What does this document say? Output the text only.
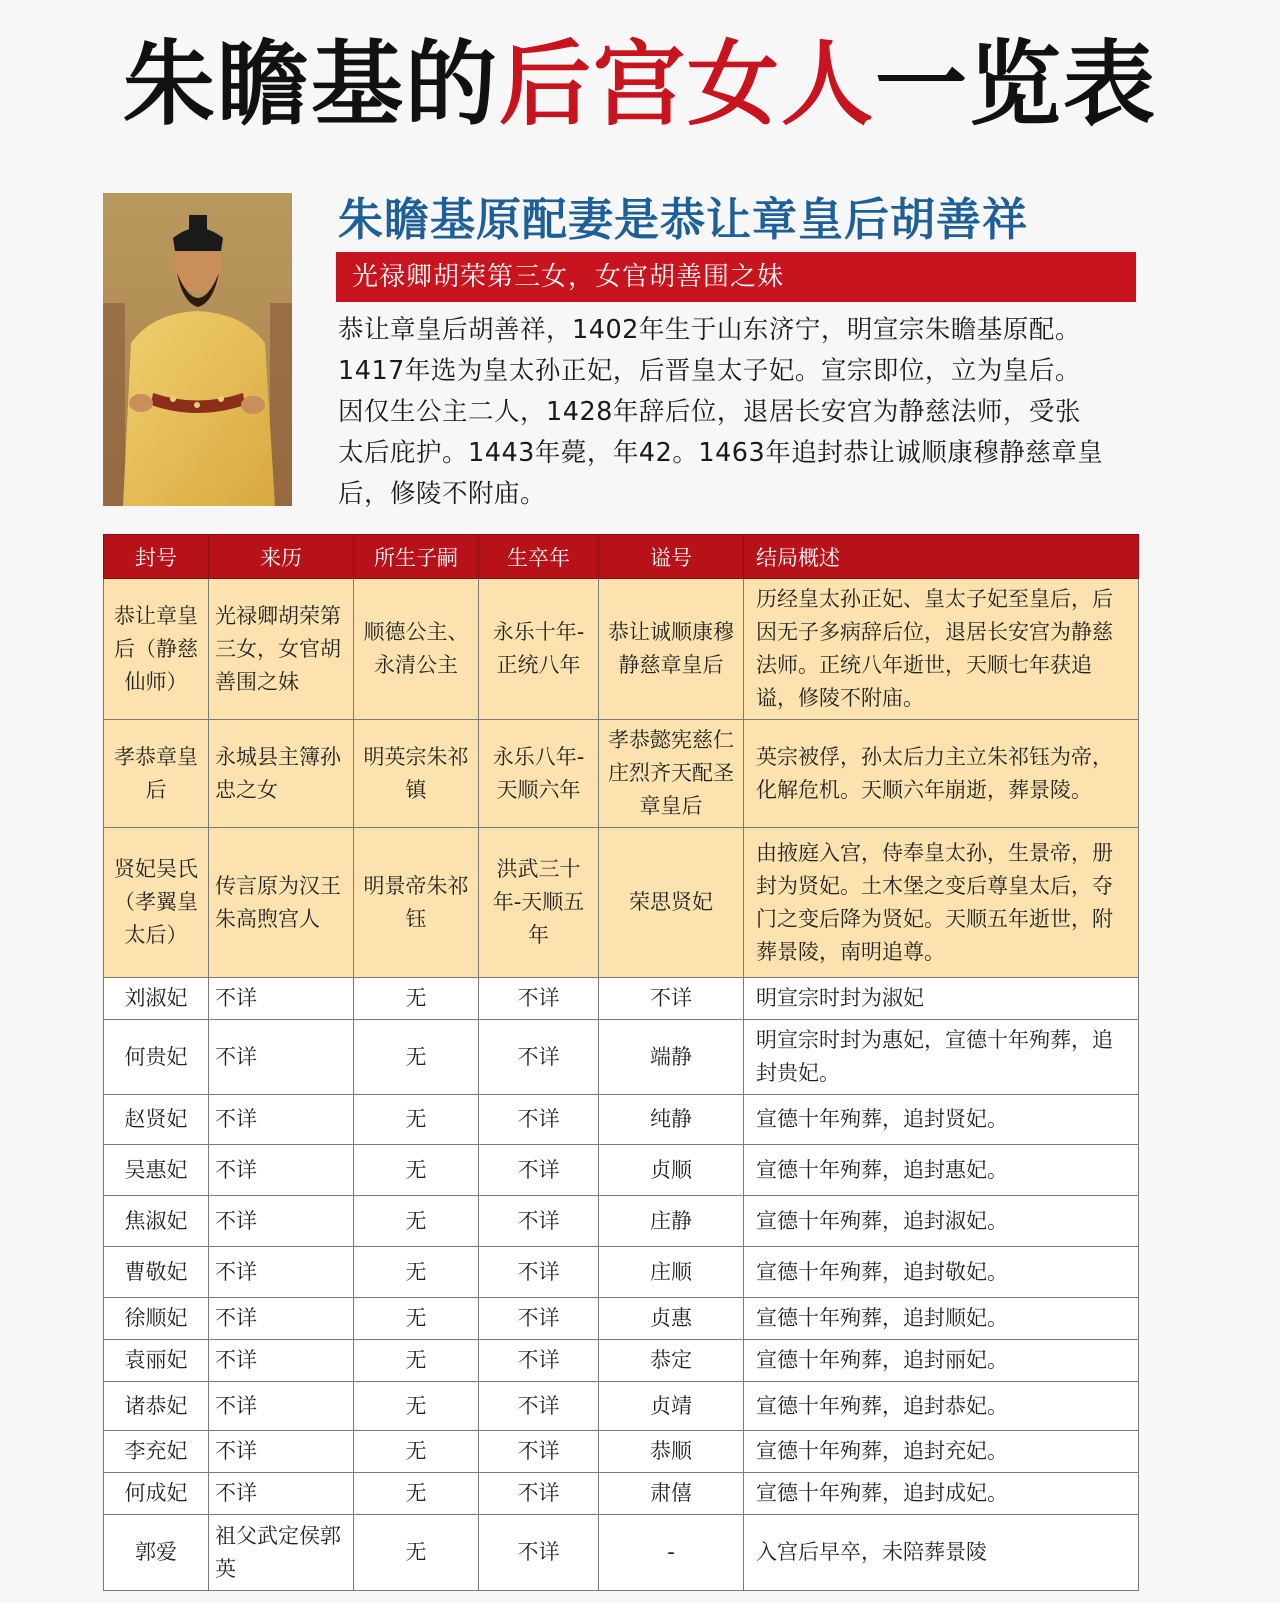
朱瞻基的后宫女人一览表
朱瞻基原配妻是恭让章皇后胡善祥
光禄卿胡荣第三女，女官胡善围之妹
恭让章皇后胡善祥，1402年生于山东济宁，明宣宗朱瞻基原配。
1417年选为皇太孙正妃，后晋皇太子妃。宣宗即位，立为皇后。
因仅生公主二人，1428年辞后位，退居长安宫为静慈法师，受张
太后庇护。1443年薨，年42。1463年追封恭让诚顺康穆静慈章皇
后，修陵不附庙。
封号	来历	所生子嗣	生卒年	谥号	结局概述
恭让章皇后（静慈仙师）	光禄卿胡荣第三女，女官胡善围之妹	顺德公主、永清公主	永乐十年-正统八年	恭让诚顺康穆静慈章皇后	历经皇太孙正妃、皇太子妃至皇后，后因无子多病辞后位，退居长安宫为静慈法师。正统八年逝世，天顺七年获追谥，修陵不附庙。
孝恭章皇后	永城县主簿孙忠之女	明英宗朱祁镇	永乐八年-天顺六年	孝恭懿宪慈仁庄烈齐天配圣章皇后	英宗被俘，孙太后力主立朱祁钰为帝，化解危机。天顺六年崩逝，葬景陵。
贤妃吴氏（孝翼皇太后）	传言原为汉王朱高煦宫人	明景帝朱祁钰	洪武三十年-天顺五年	荣思贤妃	由掖庭入宫，侍奉皇太孙，生景帝，册封为贤妃。土木堡之变后尊皇太后，夺门之变后降为贤妃。天顺五年逝世，附葬景陵，南明追尊。
刘淑妃	不详	无	不详	不详	明宣宗时封为淑妃
何贵妃	不详	无	不详	端静	明宣宗时封为惠妃，宣德十年殉葬，追封贵妃。
赵贤妃	不详	无	不详	纯静	宣德十年殉葬，追封贤妃。
吴惠妃	不详	无	不详	贞顺	宣德十年殉葬，追封惠妃。
焦淑妃	不详	无	不详	庄静	宣德十年殉葬，追封淑妃。
曹敬妃	不详	无	不详	庄顺	宣德十年殉葬，追封敬妃。
徐顺妃	不详	无	不详	贞惠	宣德十年殉葬，追封顺妃。
袁丽妃	不详	无	不详	恭定	宣德十年殉葬，追封丽妃。
诸恭妃	不详	无	不详	贞靖	宣德十年殉葬，追封恭妃。
李充妃	不详	无	不详	恭顺	宣德十年殉葬，追封充妃。
何成妃	不详	无	不详	肃僖	宣德十年殉葬，追封成妃。
郭爱	祖父武定侯郭英	无	不详	-	入宫后早卒，未陪葬景陵
